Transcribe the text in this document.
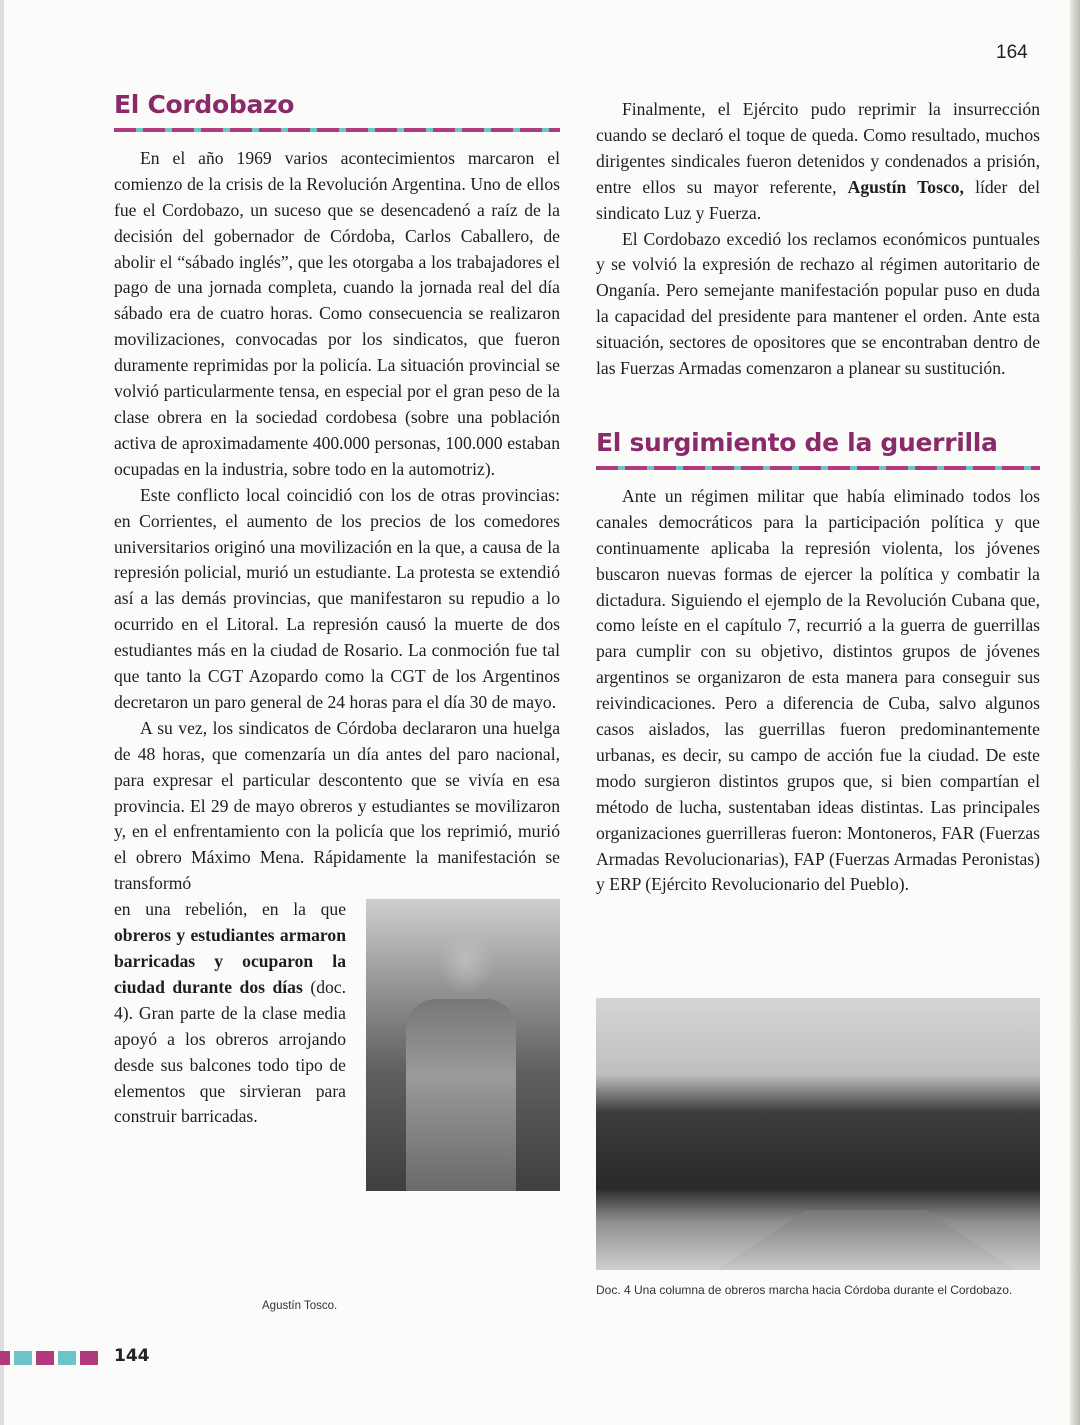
164
El Cordobazo

En el año 1969 varios acontecimientos marcaron el comienzo de la crisis de la Revolución Argentina. Uno de ellos fue el Cordobazo, un suceso que se desencadenó a raíz de la decisión del gobernador de Córdoba, Carlos Caballero, de abolir el “sábado inglés”, que les otorgaba a los trabajadores el pago de una jornada completa, cuando la jornada real del día sábado era de cuatro horas. Como consecuencia se realizaron movilizaciones, convocadas por los sindicatos, que fueron duramente reprimidas por la policía. La situación provincial se volvió particularmente tensa, en especial por el gran peso de la clase obrera en la sociedad cordobesa (sobre una población activa de aproximadamente 400.000 personas, 100.000 estaban ocupadas en la industria, sobre todo en la automotriz).

Este conflicto local coincidió con los de otras provincias: en Corrientes, el aumento de los precios de los comedores universitarios originó una movilización en la que, a causa de la represión policial, murió un estudiante. La protesta se extendió así a las demás provincias, que manifestaron su repudio a lo ocurrido en el Litoral. La represión causó la muerte de dos estudiantes más en la ciudad de Rosario. La conmoción fue tal que tanto la CGT Azopardo como la CGT de los Argentinos decretaron un paro general de 24 horas para el día 30 de mayo.

A su vez, los sindicatos de Córdoba declararon una huelga de 48 horas, que comenzaría un día antes del paro nacional, para expresar el particular descontento que se vivía en esa provincia. El 29 de mayo obreros y estudiantes se movilizaron y, en el enfrentamiento con la policía que los reprimió, murió el obrero Máximo Mena. Rápidamente la manifestación se transformó

en una rebelión, en la que obreros y estudiantes armaron barricadas y ocuparon la ciudad durante dos días (doc. 4). Gran parte de la clase media apoyó a los obreros arrojando desde sus balcones todo tipo de elementos que sirvieran para construir barricadas.
Agustín Tosco.

Finalmente, el Ejército pudo reprimir la insurrección cuando se declaró el toque de queda. Como resultado, muchos dirigentes sindicales fueron detenidos y condenados a prisión, entre ellos su mayor referente, Agustín Tosco, líder del sindicato Luz y Fuerza.

El Cordobazo excedió los reclamos económicos puntuales y se volvió la expresión de rechazo al régimen autoritario de Onganía. Pero semejante manifestación popular puso en duda la capacidad del presidente para mantener el orden. Ante esta situación, sectores de opositores que se encontraban dentro de las Fuerzas Armadas comenzaron a planear su sustitución.

El surgimiento de la guerrilla

Ante un régimen militar que había eliminado todos los canales democráticos para la participación política y que continuamente aplicaba la represión violenta, los jóvenes buscaron nuevas formas de ejercer la política y combatir la dictadura. Siguiendo el ejemplo de la Revolución Cubana que, como leíste en el capítulo 7, recurrió a la guerra de guerrillas para cumplir con su objetivo, distintos grupos de jóvenes argentinos se organizaron de esta manera para conseguir sus reivindicaciones. Pero a diferencia de Cuba, salvo algunos casos aislados, las guerrillas fueron predominantemente urbanas, es decir, su campo de acción fue la ciudad. De este modo surgieron distintos grupos que, si bien compartían el método de lucha, sustentaban ideas distintas. Las principales organizaciones guerrilleras fueron: Montoneros, FAR (Fuerzas Armadas Revolucionarias), FAP (Fuerzas Armadas Peronistas) y ERP (Ejército Revolucionario del Pueblo).

Doc. 4 Una columna de obreros marcha hacia Córdoba durante el Cordobazo.
144
